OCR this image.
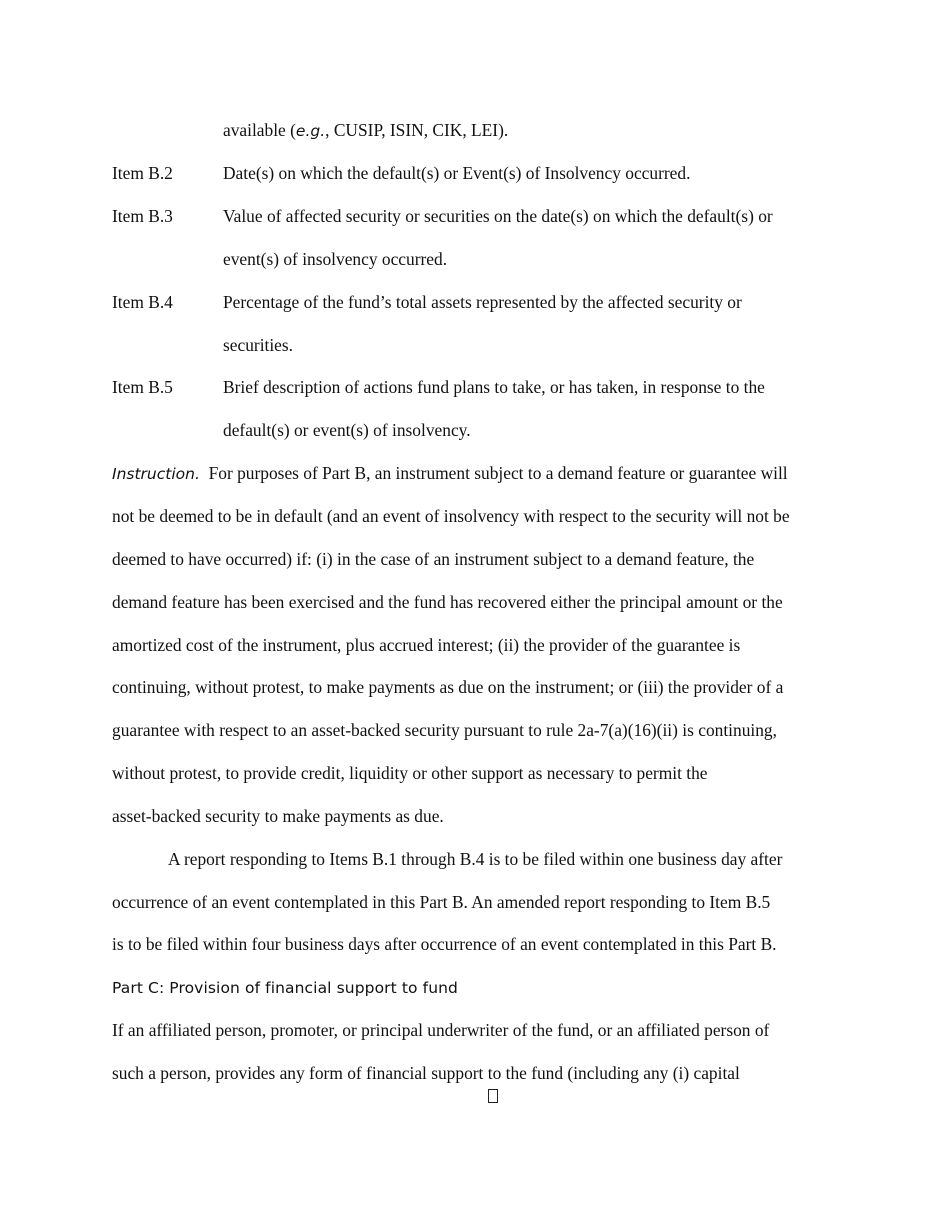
available (e.g., CUSIP, ISIN, CIK, LEI).
Item B.2	Date(s) on which the default(s) or Event(s) of Insolvency occurred.
Item B.3	Value of affected security or securities on the date(s) on which the default(s) or
event(s) of insolvency occurred.
Item B.4	Percentage of the fund’s total assets represented by the affected security or
securities.
Item B.5	Brief description of actions fund plans to take, or has taken, in response to the
default(s) or event(s) of insolvency.
Instruction. For purposes of Part B, an instrument subject to a demand feature or guarantee will
not be deemed to be in default (and an event of insolvency with respect to the security will not be
deemed to have occurred) if: (i) in the case of an instrument subject to a demand feature, the
demand feature has been exercised and the fund has recovered either the principal amount or the
amortized cost of the instrument, plus accrued interest; (ii) the provider of the guarantee is
continuing, without protest, to make payments as due on the instrument; or (iii) the provider of a
guarantee with respect to an asset-backed security pursuant to rule 2a-7(a)(16)(ii) is continuing,
without protest, to provide credit, liquidity or other support as necessary to permit the
asset-backed security to make payments as due.
A report responding to Items B.1 through B.4 is to be filed within one business day after
occurrence of an event contemplated in this Part B. An amended report responding to Item B.5
is to be filed within four business days after occurrence of an event contemplated in this Part B.
Part C: Provision of financial support to fund
If an affiliated person, promoter, or principal underwriter of the fund, or an affiliated person of
such a person, provides any form of financial support to the fund (including any (i) capital
